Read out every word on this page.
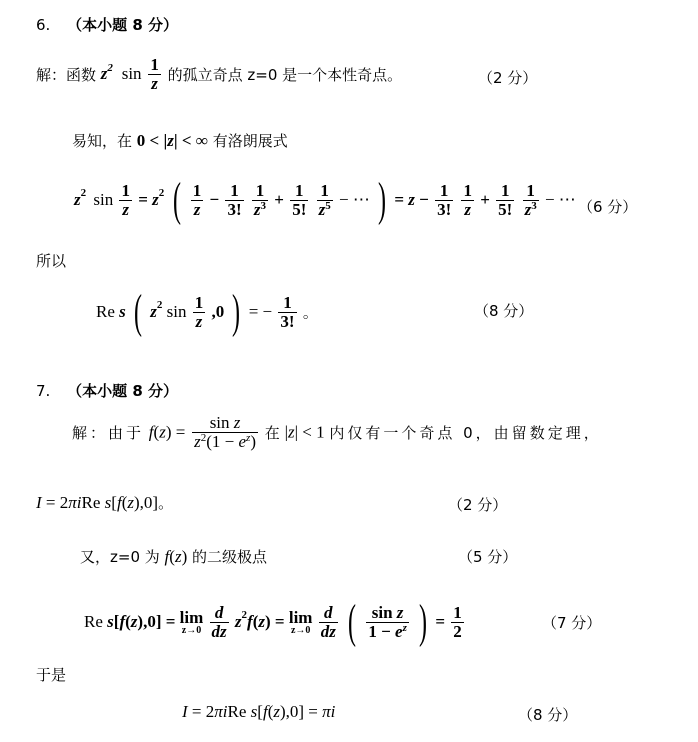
6. （本小题 8 分）
解：函数 $z^2$ $\sin \frac{1}{z}$ 的孤立奇点 z=0 是一个本性奇点。	（2 分）
易知，在 0 < |z| < ∞ 有洛朗展式
$z^2$ $\sin \frac{1}{z} = z^2$ ( $\frac{1}{z} - \frac{1}{3!}$
$\frac{1}{z^3} + \frac{1}{5!}$
$\frac{1}{z^5}$ − ⋯ ) = $z - \frac{1}{3!}$
$\frac{1}{z} + \frac{1}{5!}$
$\frac{1}{z^3}$ − ⋯ （6 分）
所以
Re s ( $z^2$ $\sin \frac{1}{z} ,0$ ) = − $\frac{1}{3!}$ 。	（8 分）
7. （本小题 8 分）
解：由于 $f(z) = \frac{\text{sin z}}{z^2(1 - e^z)}$ 在 |z| < 1 内仅有一个奇点 0，由留数定理，
I = 2πiRe s[f(z),0]。	（2 分）
又，z=0 为 f(z) 的二级极点	（5 分）
Re s[f(z),0] = lim
z→0
$\frac{d}{dz} z^2f(z) = \lim$
z→0
$\frac{d}{dz}$ ( $\frac{\text{sin z}}{1 - e^z}$ ) = $\frac{1}{2}$	（7 分）
于是
I = 2πiRe s[f(z),0] = πi	（8 分）
